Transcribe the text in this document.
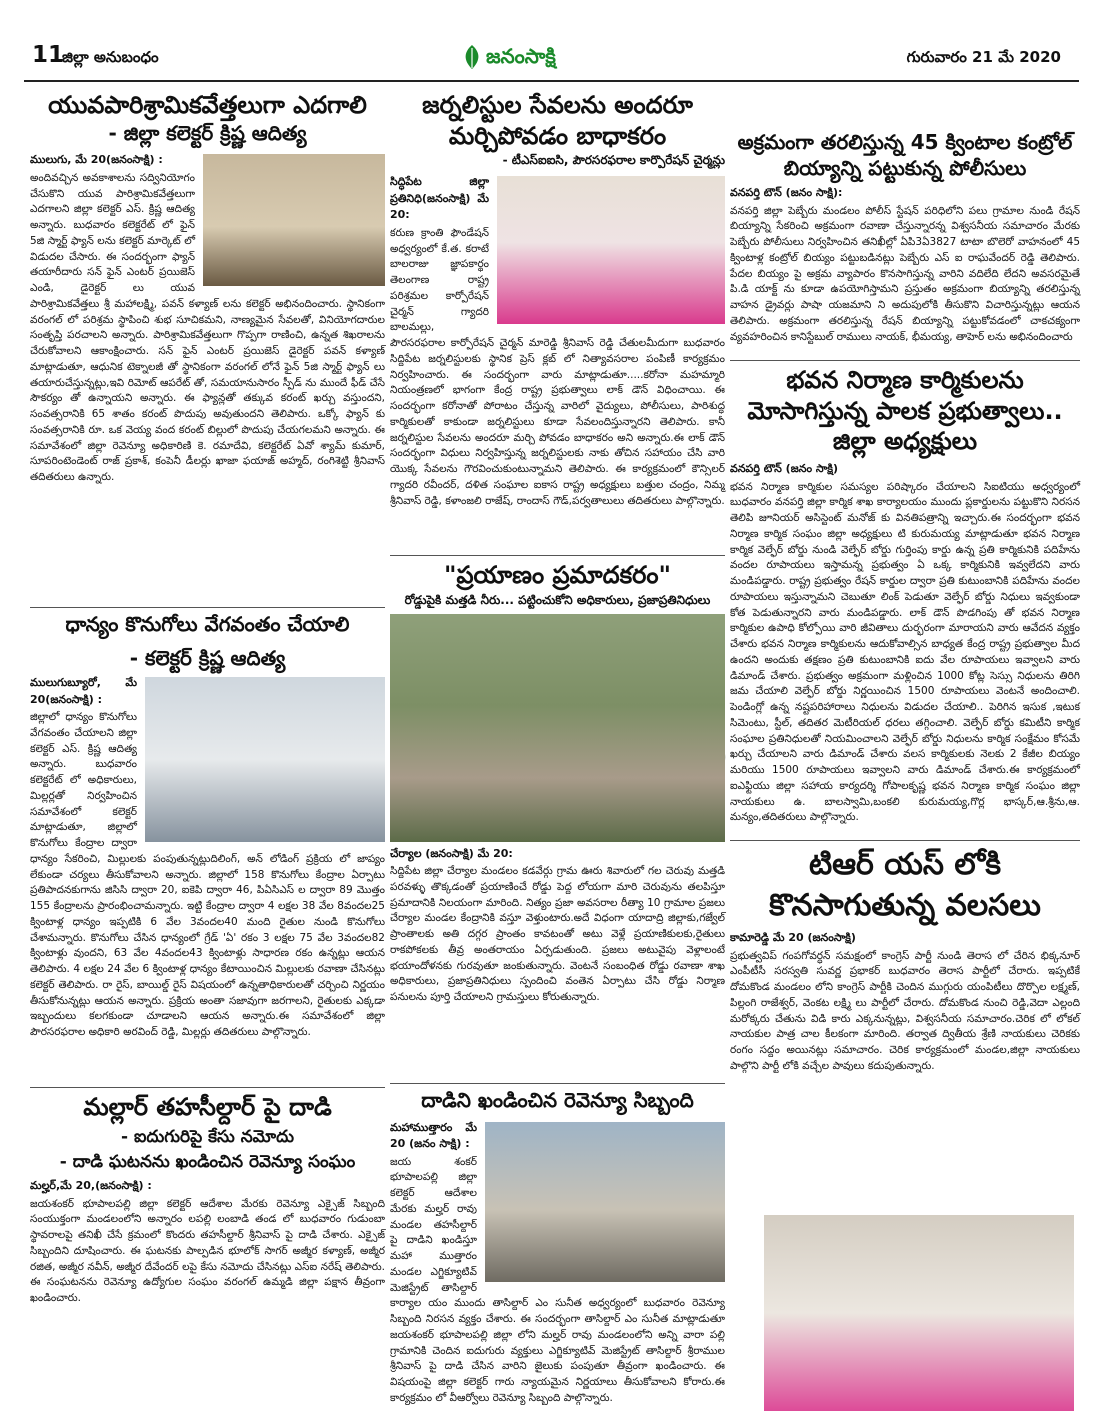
11
జిల్లా అనుబంధం	జనంసాక్షి	గురువారం 21 మే 2020
యువపారిశ్రామికవేత్తలుగా ఎదగాలి
- జిల్లా కలెక్టర్ క్రిష్ణ ఆదిత్య
ములుగు, మే 20(జనంసాక్షి) :

అందివచ్చిన అవకాశాలను సద్వినియోగం చేసుకొని యువ పారిశ్రామికవేత్తలుగా ఎదగాలని జిల్లా కలెక్టర్ ఎస్. క్రిష్ణ ఆదిత్య అన్నారు. బుధవారం కలెక్టరేట్ లో ఫైన్ 5జి స్మార్ట్ ఫ్యాన్ లను కలెక్టర్ మార్కెట్ లో విడుదల చేసారు. ఈ సందర్భంగా ఫ్యాన్ తయారీదారు సన్ ఫైన్ ఎంటర్ ప్రయిజెస్ ఎండి, డైరెక్టర్ లు యువ పారిశ్రామికవేత్తలు శ్రీ మహాలక్ష్మి, పవన్ కళ్యాణ్ లను కలెక్టర్ అభినందించారు. స్థానికంగా వరంగల్ లో పరిశ్రమ స్థాపించి శుభ సూచికమని, నాణ్యమైన సేవలతో, వినియోగదారుల సంతృప్తి పరచాలని అన్నారు. పారిశ్రామికవేత్తలుగా గొప్పగా రాణించి, ఉన్నత శిఖరాలను చేరుకోవాలని ఆకాంక్షించారు. సన్ ఫైన్ ఎంటర్ ప్రయిజెస్ డైరెక్టర్ పవన్ కళ్యాణ్ మాట్లాడుతూ, ఆధునిక టెక్నాలజీ తో స్థానికంగా వరంగల్ లోనే ఫైన్ 5జి స్మార్ట్ ఫ్యాన్ లు తయారుచేస్తున్నట్లు,ఇవి రిమోట్ ఆపరేట్ తో, సమయానుసారం స్పీడ్ ను ముందే ఫీడ్ చేసే సౌకర్యం తో ఉన్నాయని అన్నారు. ఈ ఫ్యాన్లతో తక్కువ కరంట్ ఖర్చు వస్తుందని, సంవత్సరానికి 65 శాతం కరంట్ పొదుపు అవుతుందని తెలిపారు. ఒక్కో ఫ్యాన్ కు సంవత్సరానికి రూ. ఒక వెయ్య వంద కరంట్ బిల్లులో పొదుపు చేయగలమని అన్నారు. ఈ సమావేశంలో జిల్లా రెవెన్యూ అధికారిణి కె. రమాదేవి, కలెక్టరేట్ ఏవో శ్యామ్ కుమార్, సూపరింటెండెంట్ రాజ్ ప్రకాశ్, కంపెనీ డీలర్లు ఖాజా ఫయాజ్ అహ్మద్, రంగిశెట్టి శ్రీనివాస్ తదితరులు ఉన్నారు.

ధాన్యం కొనుగోలు వేగవంతం చేయాలి
- కలెక్టర్ క్రిష్ణ ఆదిత్య
ములుగుబ్యూరో, మే 20(జనంసాక్షి) :

జిల్లాలో ధాన్యం కొనుగోలు వేగవంతం చేయాలని జిల్లా కలెక్టర్ ఎస్. క్రిష్ణ ఆదిత్య అన్నారు. బుధవారం కలెక్టరేట్ లో అధికారులు, మిల్లర్లతో నిర్వహించిన సమావేశంలో కలెక్టర్ మాట్లాడుతూ, జిల్లాలో కొనుగోలు కేంద్రాల ద్వారా ధాన్యం సేకరించి, మిల్లులకు పంపుతున్నట్లుదిలింగ్, అన్ లోడింగ్ ప్రక్రియ లో జాప్యం లేకుండా చర్యలు తీసుకోవాలని అన్నారు. జిల్లాలో 158 కొనుగోలు కేంద్రాల ఏర్పాటు ప్రతిపాదనకుగాను జిసిసి ద్వారా 20, ఐకెపి ద్వారా 46, పిఏసిఎస్ ల ద్వారా 89 మొత్తం 155 కేంద్రాలను ప్రారంభించామన్నారు. ఇట్టి కేంద్రాల ద్వారా 4 లక్షల 38 వేల 8వందల25 క్వింటాళ్ల ధాన్యం ఇప్పటికి 6 వేల 3వందల40 మంది రైతుల నుండి కొనుగోలు చేశామన్నారు. కొనుగోలు చేసిన ధాన్యంలో గ్రేడ్ 'ఏ' రకం 3 లక్షల 75 వేల 3వందల82 క్వింటాళ్లు వుందని, 63 వేల 4వందల43 క్వింటాళ్లు సాధారణ రకం ఉన్నట్లు ఆయన తెలిపారు. 4 లక్షల 24 వేల 6 క్వింటాళ్ల ధాన్యం కేటాయించిన మిల్లులకు రవాణా చేసినట్లు కలెక్టర్ తెలిపారు. రా రైస్, బాయిల్డ్ రైస్ విషయంలో ఉన్నతాధికారులతో చర్చించి నిర్ణయం తీసుకోనున్నట్లు ఆయన అన్నారు. ప్రక్రియ అంతా సజావుగా జరగాలని, రైతులకు ఎక్కడా ఇబ్బందులు కలగకుండా చూడాలని ఆయన అన్నారు.ఈ సమావేశంలో జిల్లా పౌరసరఫరాల అధికారి అరవింద్ రెడ్డి, మిల్లర్లు తదితరులు పాల్గొన్నారు.

మల్లార్ తహసీల్దార్ పై దాడి
- ఐదుగురిపై కేసు నమోదు
- దాడి ఘటనను ఖండించిన రెవెన్యూ సంఘం
మల్హర్,మే 20,(జనంసాక్షి) :

జయశంకర్ భూపాలపల్లి జిల్లా కలెక్టర్ ఆదేశాల మేరకు రెవెన్యూ ఎక్సైజ్ సిబ్బంది సంయుక్తంగా మండలంలోని అన్నారం లపల్లి లంబాడి తండ లో బుధవారం గుడుంబా స్థావరాలపై తనిఖీ చేసే క్రమంలో కొందరు తహసీల్దార్ శ్రీనివాస్ పై దాడి చేశారు. ఎక్సైజ్ సిబ్బందిని దూషించారు. ఈ ఘటనకు పాల్పడిన భూలోక్ సాగర్ అజ్మీర కళ్యాణ్, అజ్మీర రజిత, అజ్మీర నవీన్, అజ్మీర దేవేందర్ లపై కేసు నమోదు చేసినట్లు ఎస్ఐ నరేష్ తెలిపారు. ఈ సంఘటనను రెవెన్యూ ఉద్యోగుల సంఘం వరంగల్ ఉమ్మడి జిల్లా పక్షాన తీవ్రంగా ఖండించారు.

జర్నలిస్టుల సేవలను అందరూ మర్చిపోవడం బాధాకరం
- టీఎస్ఐఐసి, పౌరసరఫరాల కార్పొరేషన్ చైర్మన్లు
సిద్ధిపేట జిల్లా ప్రతినిధి(జనంసాక్షి) మే 20:

కరుణ క్రాంతి ఫౌండేషన్ అధ్వర్యంలో కే.త. కరాటే బాలరాజు జ్ఞాపకార్థం తెలంగాణ రాష్ట్ర పరిశ్రమల కార్పోరేషన్ చైర్మన్ గ్యాదరి బాలమల్లు, పౌరసరఫరాల కార్పోరేషన్ చైర్మన్ మారెడ్డి శ్రీనివాస్ రెడ్డి చేతులమీదుగా బుధవారం సిద్దిపేట జర్నలిస్టులకు స్థానిక ప్రెస్ క్లబ్ లో నిత్యావసరాల పంపిణీ కార్యక్రమం నిర్వహించారు. ఈ సందర్భంగా వారు మాట్లాడుతూ.....కరోనా మహమ్మారి నియంత్రణలో భాగంగా కేంద్ర రాష్ట్ర ప్రభుత్వాలు లాక్ డౌన్ విధించాయి. ఈ సందర్భంగా కరోనాతో పోరాటం చేస్తున్న వారిలో వైద్యులు, పోలీసులు, పారిశుద్ధ కార్మికులతో కాకుండా జర్నలిస్టులు కూడా సేవలందిస్తున్నారని తెలిపారు. కానీ జర్నలిస్టుల సేవలను అందరూ మర్చి పోవడం బాధాకరం అని అన్నారు.ఈ లాక్ డౌన్ సందర్భంగా విధులు నిర్వహిస్తున్న జర్నలిస్టులకు నాకు తోచిన సహాయం చేసి వారి యొక్క సేవలను గౌరవించుకుంటున్నామని తెలిపారు. ఈ కార్యక్రమంలో కౌన్సిలర్ గ్యాదరి రవీందర్, దళిత సంఘాల ఐకాస రాష్ట్ర అధ్యక్షులు బత్తుల చంద్రం, నిమ్మ శ్రీనివాస్ రెడ్డి, కళాంజలి రాజేష్, రాందాస్ గౌడ్,పర్వతాలులు తదితరులు పాల్గొన్నారు.

"ప్రయాణం ప్రమాదకరం"
రోడ్డుపైకి మత్తడి నీరు... పట్టించుకోని అధికారులు, ప్రజాప్రతినిధులు
చేర్యాల (జనంసాక్షి) మే 20:

సిద్దిపేట జిల్లా చేర్యాల మండలం కడవేర్గు గ్రామ ఊరు శివారులో గల చెరువు మత్తడి పరవళ్ళు తొక్కడంతో ప్రయాణించే రోడ్డు పెద్ద లోయగా మారి చెరువును తలపిస్తూ ప్రమాదానికి నిలయంగా మారింది. నిత్యం ప్రజా అవసరాల రీత్యా 10 గ్రామాల ప్రజలు చేర్యాల మండల కేంద్రానికి వస్తూ వెళ్తుంటారు.అదే విధంగా యాదాద్రి జిల్లాకు,గజ్వేల్ ప్రాంతాలకు అతి దగ్గర ప్రాంతం కావటంతో అటు వెళ్లే ప్రయాణికులకు,రైతులు రాకపోకలకు తీవ్ర అంతరాయం ఏర్పడుతుంది. ప్రజలు అటువైపు వెళ్లాలంటే భయాందోళనకు గురవుతూ జంకుతున్నారు. వెంటనే సంబంధిత రోడ్డు రవాణా శాఖ అధికారులు, ప్రజాప్రతినిధులు స్పందించి వంతెన ఏర్పాటు చేసి రోడ్డు నిర్మాణ పనులను పూర్తి చేయాలని గ్రామస్తులు కోరుతున్నారు.

దాడిని ఖండించిన రెవెన్యూ సిబ్బంది
మహాముత్తారం మే 20 (జనం సాక్షి) :

జయ శంకర్ భూపాలపల్లి జిల్లా కలెక్టర్ ఆదేశాల మేరకు మల్హర్ రావు మండల తహసీల్దార్ పై దాడిని ఖండిస్తూ మహా ముత్తారం మండల ఎగ్జిక్యూటివ్ మెజిస్ట్రేట్ తాసిల్దార్ కార్యాల యం ముందు తాసిల్దార్ ఎం సునీత అధ్వర్యంలో బుధవారం రెవెన్యూ సిబ్బంది నిరసన వ్యక్తం చేశారు. ఈ సందర్భంగా తాసిల్దార్ ఎం సునీత మాట్లాడుతూ జయశంకర్ భూపాలపల్లి జిల్లా లోని మల్హర్ రావు మండలంలోని అన్ని వారా పల్లి గ్రామానికి చెందిన ఐదుగురు వ్యక్తులు ఎగ్జిక్యూటివ్ మెజిస్ట్రేట్ తాసిల్దార్ శ్రీరాముల శ్రీనివాస్ పై దాడి చేసిన వారిని జైలుకు పంపుతూ తీవ్రంగా ఖండించారు. ఈ విషయంపై జిల్లా కలెక్టర్ గారు న్యాయమైన నిర్ణయాలు తీసుకోవాలని కోరారు.ఈ కార్యక్రమం లో వీఆర్వోలు రెవెన్యూ సిబ్బంది పాల్గొన్నారు.

అక్రమంగా తరలిస్తున్న 45 క్వింటాల కంట్రోల్ బియ్యాన్ని పట్టుకున్న పోలీసులు
వనపర్తి టౌన్ (జనం సాక్షి):

వనపర్తి జిల్లా పెబ్బేరు మండలం పోలీస్ స్టేషన్ పరిధిలోని పలు గ్రామాల నుండి రేషన్ బియ్యాన్ని సేకరించి అక్రమంగా రవాణా చేస్తున్నారన్న విశ్వసనీయ సమాచారం మేరకు పెబ్బేరు పోలీసులు నిర్వహించిన తనిఖీల్లో ఏపి3ఏ3827 టాటా బొలెరో వాహనంలో 45 క్వింటాళ్ల కంట్రోల్ బియ్యం పట్టుబడినట్లు పెబ్బేరు ఎస్ ఐ రాఘవేందర్ రెడ్డి తెలిపారు. పేదల బియ్యం పై అక్రమ వ్యాపారం కొనసాగిస్తున్న వారిని వదిలేది లేదని అవసరమైతే పి.డి యాక్ట్ ను కూడా ఉపయోగిస్తామని ప్రస్తుతం అక్రమంగా బియ్యాన్ని తరలిస్తున్న వాహన డ్రైవర్లు పాషా యజమాని ని అదుపులోకి తీసుకొని విచారిస్తున్నట్లు ఆయన తెలిపారు. అక్రమంగా తరలిస్తున్న రేషన్ బియ్యాన్ని పట్టుకోవడంలో చాకచక్యంగా వ్యవహరించిన కానిస్టేబుల్ రాములు నాయక్, భీమయ్య, తాహెర్ లను అభినందించారు

భవన నిర్మాణ కార్మికులను మోసాగిస్తున్న పాలక ప్రభుత్వాలు..
జిల్లా అధ్యక్షులు
వనపర్తి టౌన్ (జనం సాక్షి)

భవన నిర్మాణ కార్మికుల సమస్యల పరిష్కారం చేయాలని సిఐటియు అధ్వర్యంలో బుధవారం వనపర్తి జిల్లా కార్మిక శాఖ కార్యాలయం ముందు ప్లకార్డులను పట్టుకొని నిరసన తెలిపి జూనియర్ అసిస్టెంట్ మనోజ్ కు వినతిపత్రాన్ని ఇచ్చారు.ఈ సందర్భంగా భవన నిర్మాణ కార్మిక సంఘం జిల్లా అధ్యక్షులు టి కురుమయ్య మాట్లాడుతూ భవన నిర్మాణ కార్మిక వెల్ఫేర్ బోర్డు నుండి వెల్ఫేర్ బోర్డు గుర్తింపు కార్డు ఉన్న ప్రతి కార్మికునికి పదిహేను వందల రూపాయలు ఇస్తామన్న ప్రభుత్వం ఏ ఒక్క కార్మికునికి ఇవ్వలేదని వారు మండిపడ్డారు. రాష్ట్ర ప్రభుత్వం రేషన్ కార్డుల ద్వారా ప్రతి కుటుంబానికి పదిహేను వందల రూపాయలు ఇస్తున్నామని చెబుతూ లింక్ పెడుతూ వెల్ఫేర్ బోర్డు నిధులు ఇవ్వకుండా కోత పెడుతున్నారని వారు మండిపడ్డారు. లాక్ డౌన్ పొడగింపు తో భవన నిర్మాణ కార్మికుల ఉపాధి కోల్పోయి వారి జీవితాలు దుర్భరంగా మారాయని వారు ఆవేదన వ్యక్తం చేశారు భవన నిర్మాణ కార్మికులను ఆదుకోవాల్సిన బాధ్యత కేంద్ర రాష్ట్ర ప్రభుత్వాల మీద ఉందని అందుకు తక్షణం ప్రతి కుటుంబానికి ఐదు వేల రూపాయలు ఇవ్వాలని వారు డిమాండ్ చేశారు. ప్రభుత్వం అక్రమంగా మళ్లించిన 1000 కోట్ల సెస్సు నిధులను తిరిగి జమ చేయాలి వెల్ఫేర్ బోర్డు నిర్ణయించిన 1500 రూపాయలు వెంటనే అందించాలి. పెండింగ్లో ఉన్న నష్టపరిహారాలు నిధులను విడుదల చేయాలి.. పెరిగిన ఇసుక ,ఇటుక సిమెంటు, స్టీల్, తదితర మెటీరియల్ ధరలు తగ్గించాలి. వెల్ఫేర్ బోర్డు కమిటీని కార్మిక సంఘాల ప్రతినిధులతో నియమించాలని వెల్ఫేర్ బోర్డు నిధులను కార్మిక సంక్షేమం కోసమే ఖర్చు చేయాలని వారు డిమాండ్ చేశారు వలస కార్మికులకు నెలకు 2 కేజీల బియ్యం మరియు 1500 రూపాయలు ఇవ్వాలని వారు డిమాండ్ చేశారు.ఈ కార్యక్రమంలో ఐఎఫ్టియు జిల్లా సహాయ కార్యదర్శి గోపాలకృష్ణ భవన నిర్మాణ కార్మిక సంఘం జిల్లా నాయకులు ఉ. బాలస్వామి,బంకలి కురుమయ్య,గొర్ల భాస్కర్,ఆ.శ్రీను,ఆ. మన్యం,తదితరులు పాల్గొన్నారు.

టిఆర్ యస్ లోకి కొనసాగుతున్న వలసలు
కామారెడ్డి మే 20 (జనంసాక్షి)

ప్రభుత్వవిప్ గంపగోవర్ధన్ సమక్షంలో కాంగ్రెస్ పార్టీ నుండి తెరాస లో చేరిన భిక్కనూర్ ఎంపీటీసీ సరస్వతి సువర్ణ ప్రభాకర్ బుధవారం తెరాస పార్టీలో చేరారు. ఇప్పటికే దోమకొండ మండలం లోని కాంగ్రెస్ పార్టీకి చెందిన ముగ్గురు యంపిటీలు దొర్పొల లక్ష్మణ్, పిల్లంగి రాజేశ్వర్, వెంకట లక్ష్మి లు పార్టీలో చేరారు. దోమకొండ నుంచి రెడ్డి,వెదా ఎల్లంది మరోక్కరు చేతును విడి కారు ఎక్కనున్నట్లు, విశ్వసనీయ సమాచారం.చెరిక లో లోకల్ నాయకుల పాత్ర చాల కీలకంగా మారింది. తర్వాత ద్వితీయ శ్రేణి నాయకులు చెరికకు రంగం సద్దం అయినట్లు సమాచారం. చెరిక కార్యక్రమంలో మండల,జిల్లా నాయకులు పాల్గొని పార్టీ లోకి వచ్చేల పావులు కదుపుతున్నారు.
